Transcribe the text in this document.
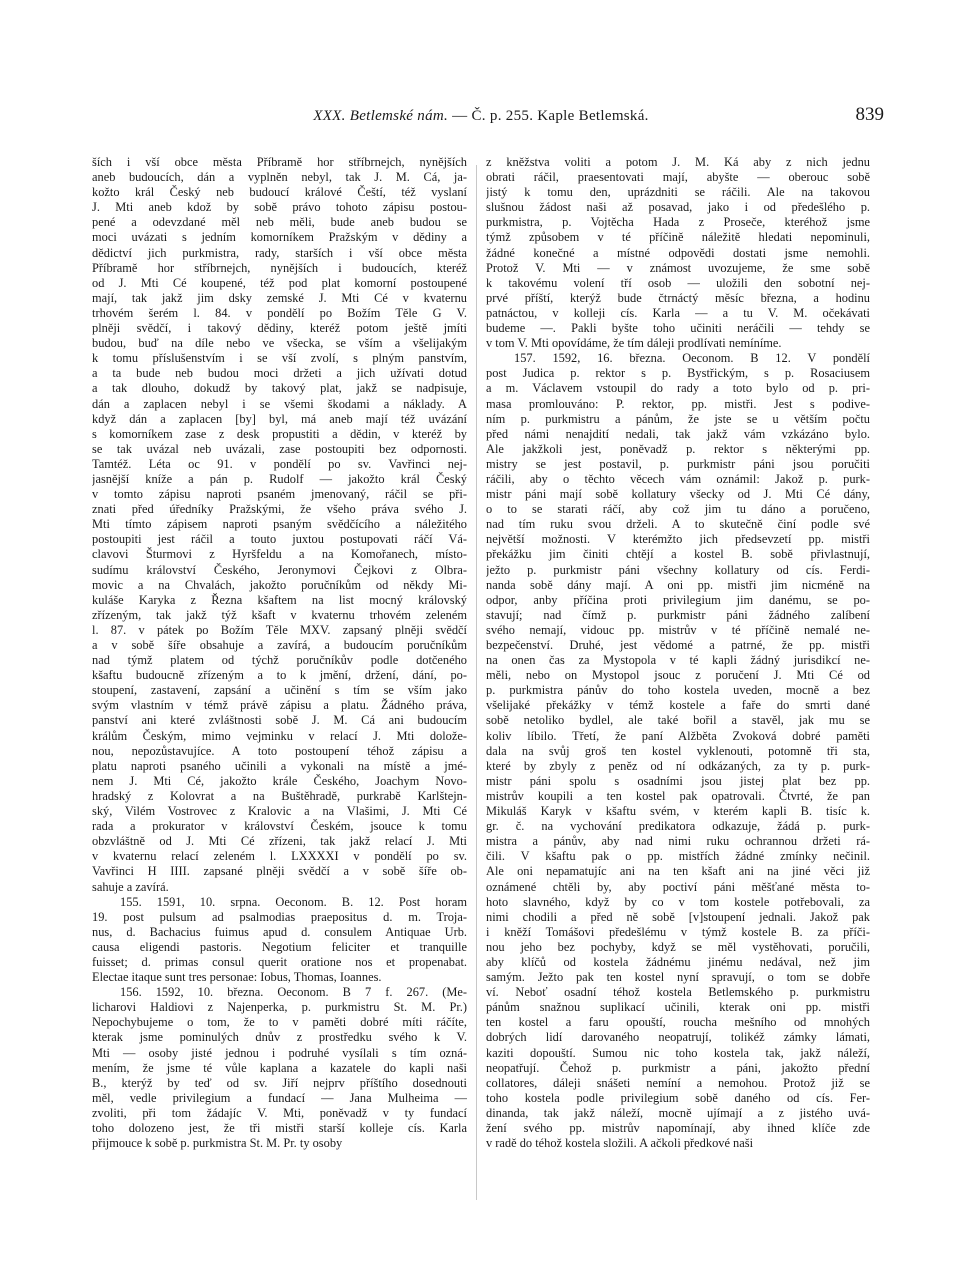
XXX. Betlemské nám. — Č. p. 255. Kaple Betlemská.	839
ších i vší obce města Příbramě hor stříbrnejch, nynějších
aneb budoucích, dán a vyplněn nebyl, tak J. M. Cá, ja-
kožto král Český neb budoucí králové Čeští, též vyslaní
J. Mti aneb kdož by sobě právo tohoto zápisu postou-
pené a odevzdané měl neb měli, bude aneb budou se
moci uvázati s jedním komorníkem Pražským v dědiny a
dědictví jich purkmistra, rady, starších i vší obce města
Příbramě hor stříbrnejch, nynějších i budoucích, kteréž
od J. Mti Cé koupené, též pod plat komorní postoupené
mají, tak jakž jim dsky zemské J. Mti Cé v kvaternu
trhovém šerém l. 84. v pondělí po Božím Těle G V.
plněji svědčí, i takový dědiny, kteréž potom ještě jmíti
budou, buď na díle nebo ve všecka, se vším a všelijakým
k tomu příslušenstvím i se vší zvolí, s plným panstvím,
a ta bude neb budou moci držeti a jich užívati dotud
a tak dlouho, dokudž by takový plat, jakž se nadpisuje,
dán a zaplacen nebyl i se všemi škodami a náklady. A
když dán a zaplacen [by] byl, má aneb mají též uvázání
s komorníkem zase z desk propustiti a dědin, v kteréž by
se tak uvázal neb uvázali, zase postoupiti bez odpornosti.
Tamtéž. Léta oc 91. v pondělí po sv. Vavřinci nej-
jasnější kníže a pán p. Rudolf — jakožto král Český
v tomto zápisu naproti psaném jmenovaný, ráčil se při-
znati před úředníky Pražskými, že všeho práva svého J.
Mti tímto zápisem naproti psaným svědčícího a náležitého
postoupiti jest ráčil a touto juxtou postupovati ráčí Vá-
clavovi Šturmovi z Hyršfeldu a na Komořanech, místo-
sudímu království Českého, Jeronymovi Čejkovi z Olbra-
movic a na Chvalách, jakožto poručníkům od někdy Mi-
kuláše Karyka z Řezna kšaftem na list mocný královský
zřízeným, tak jakž týž kšaft v kvaternu trhovém zeleném
l. 87. v pátek po Božím Těle MXV. zapsaný plněji svědčí
a v sobě šíře obsahuje a zavírá, a budoucím poručníkům
nad týmž platem od týchž poručníkův podle dotčeného
kšaftu budoucně zřízeným a to k jmění, držení, dání, po-
stoupení, zastavení, zapsání a učinění s tím se vším jako
svým vlastním v témž právě zápisu a platu. Žádného práva,
panství ani které zvláštnosti sobě J. M. Cá ani budoucím
králům Českým, mimo vejminku v relací J. Mti dolože-
nou, nepozůstavujíce. A toto postoupení téhož zápisu a
platu naproti psaného učinili a vykonali na místě a jmé-
nem J. Mti Cé, jakožto krále Českého, Joachym Novo-
hradský z Kolovrat a na Buštěhradě, purkrabě Karlštejn-
ský, Vilém Vostrovec z Kralovic a na Vlašimi, J. Mti Cé
rada a prokurator v království Českém, jsouce k tomu
obzvláštně od J. Mti Cé zřízeni, tak jakž relací J. Mti
v kvaternu relací zeleném l. LXXXXI v pondělí po sv.
Vavřinci H IIII. zapsané plněji svědčí a v sobě šíře ob-
sahuje a zavírá.
155. 1591, 10. srpna. Oeconom. B. 12. Post horam
19. post pulsum ad psalmodias praepositus d. m. Troja-
nus, d. Bachacius fuimus apud d. consulem Antiquae Urb.
causa eligendi pastoris. Negotium feliciter et tranquille
fuisset; d. primas consul querit oratione nos et propenabat.
Electae itaque sunt tres personae: Iobus, Thomas, Ioannes.
156. 1592, 10. března. Oeconom. B 7 f. 267. (Me-
licharovi Haldiovi z Najenperka, p. purkmistru St. M. Pr.)
Nepochybujeme o tom, že to v paměti dobré míti ráčíte,
kterak jsme pominulých dnův z prostředku svého k V.
Mti — osoby jisté jednou i podruhé vysílali s tím ozná-
mením, že jsme té vůle kaplana a kazatele do kapli naši
B., kterýž by teď od sv. Jiří nejprv příštího dosednouti
měl, vedle privilegium a fundací — Jana Mulheima —
zvoliti, při tom žádajíc V. Mti, poněvadž v ty fundací
toho dolozeno jest, že tři mistři starší kolleje cís. Karla
přijmouce k sobě p. purkmistra St. M. Pr. ty osoby
z kněžstva voliti a potom J. M. Ká aby z nich jednu
obrati ráčil, praesentovati mají, abyšte — oberouc sobě
jistý k tomu den, uprázdniti se ráčili. Ale na takovou
slušnou žádost naši až posavad, jako i od předešlého p.
purkmistra, p. Vojtěcha Hada z Proseče, kteréhož jsme
týmž způsobem v té příčině náležitě hledati nepominuli,
žádné konečné a místné odpovědi dostati jsme nemohli.
Protož V. Mti — v známost uvozujeme, že sme sobě
k takovému volení tří osob — uložili den sobotní nej-
prvé příští, kterýž bude čtrnáctý měsíc března, a hodinu
patnáctou, v kolleji cís. Karla — a tu V. M. očekávati
budeme —. Pakli byšte toho učiniti neráčili — tehdy se
v tom V. Mti opovídáme, že tím dáleji prodlívati nemíníme.
157. 1592, 16. března. Oeconom. B 12. V pondělí
post Judica p. rektor s p. Bystřickým, s p. Rosaciusem
a m. Václavem vstoupil do rady a toto bylo od p. pri-
masa promlouváno: P. rektor, pp. mistři. Jest s podive-
ním p. purkmistru a pánům, že jste se u větším počtu
před námi nenajdití nedali, tak jakž vám vzkázáno bylo.
Ale jakžkoli jest, poněvadž p. rektor s některými pp.
mistry se jest postavil, p. purkmistr páni jsou poručiti
ráčili, aby o těchto věcech vám oznámil: Jakož p. purk-
mistr páni mají sobě kollatury všecky od J. Mti Cé dány,
o to se starati ráčí, aby což jim tu dáno a poručeno,
nad tím ruku svou drželi. A to skutečně činí podle své
největší možnosti. V kterémžto jich předsevzetí pp. mistři
překážku jim činiti chtějí a kostel B. sobě přivlastnují,
ježto p. purkmistr páni všechny kollatury od cís. Ferdi-
nanda sobě dány mají. A oni pp. mistři jim nicméně na
odpor, anby příčina proti privilegium jim danému, se po-
stavují; nad čímž p. purkmistr páni žádného zalíbení
svého nemají, vidouc pp. mistrův v té příčině nemalé ne-
bezpečenství. Druhé, jest vědomé a patrné, že pp. mistři
na onen čas za Mystopola v té kapli žádný jurisdikcí ne-
měli, nebo on Mystopol jsouc z poručení J. Mti Cé od
p. purkmistra pánův do toho kostela uveden, mocně a bez
všelijaké překážky v témž kostele a faře do smrti dané
sobě netoliko bydlel, ale také bořil a stavěl, jak mu se
koliv líbilo. Třetí, že paní Alžběta Zvoková dobré paměti
dala na svůj groš ten kostel vyklenouti, potomně tři sta,
které by zbyly z peněz od ní odkázaných, za ty p. purk-
mistr páni spolu s osadními jsou jistej plat bez pp.
mistrův koupili a ten kostel pak opatrovali. Čtvrté, že pan
Mikuláš Karyk v kšaftu svém, v kterém kapli B. tisíc k.
gr. č. na vychování predikatora odkazuje, žádá p. purk-
mistra a pánův, aby nad nimi ruku ochrannou držeti rá-
čili. V kšaftu pak o pp. mistřích žádné zmínky nečinil.
Ale oni nepamatujíc ani na ten kšaft ani na jiné věci již
oznámené chtěli by, aby poctiví páni měšťané města to-
hoto slavného, když by co v tom kostele potřebovali, za
nimi chodili a před ně sobě [v]stoupení jednali. Jakož pak
i kněží Tomášovi předešlému v týmž kostele B. za příči-
nou jeho bez pochyby, když se měl vystěhovati, poručili,
aby klíčů od kostela žádnému jinému nedával, než jim
samým. Ježto pak ten kostel nyní spravují, o tom se dobře
ví. Neboť osadní téhož kostela Betlemského p. purkmistru
pánům snažnou suplikací učinili, kterak oni pp. mistři
ten kostel a faru opouští, rouchа mešního od mnohých
dobrých lidí darovaného neopatrují, tolikéž zámky lámati,
kaziti dopouští. Sumou nic toho kostela tak, jakž náleží,
neopatřují. Čehož p. purkmistr a páni, jakožto přední
collatores, dáleji snášeti nemíní a nemohou. Protož již se
toho kostela podle privilegium sobě daného od cís. Fer-
dinanda, tak jakž náleží, mocně ujímají a z jistého uvá-
žení svého pp. mistrův napomínají, aby ihned klíče zde
v radě do téhož kostela složili. A ačkoli předkové naši
